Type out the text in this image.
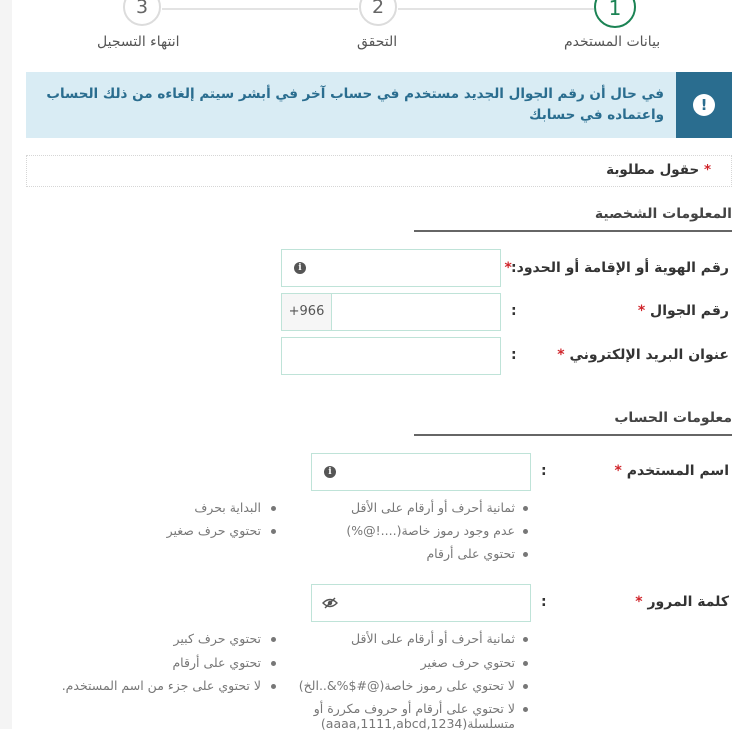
3	2	1
انتهاء التسجيل	التحقق	بيانات المستخدم
!
في حال أن رقم الجوال الجديد مستخدم في حساب آخر في أبشر سيتم إلغاءه من ذلك الحساب واعتماده في حسابك
* حقول مطلوبة
المعلومات الشخصية
رقم الهوية أو الإقامة أو الحدود * :
i
رقم الجوال *
:
+966
عنوان البريد الإلكتروني *
:
معلومات الحساب
اسم المستخدم *
:
i
ثمانية أحرف أو أرقام على الأقل
البداية بحرف
عدم وجود رموز خاصة(....!@%)
تحتوي حرف صغير
تحتوي على أرقام
كلمة المرور *
:
ثمانية أحرف أو أرقام على الأقل
تحتوي حرف كبير
تحتوي حرف صغير
تحتوي على أرقام
لا تحتوي على رموز خاصة(@#$%&..الخ)
لا تحتوي على جزء من اسم المستخدم.
لا تحتوي على أرقام أو حروف مكررة أو
متسلسلة(aaaa,1111,abcd,1234)
